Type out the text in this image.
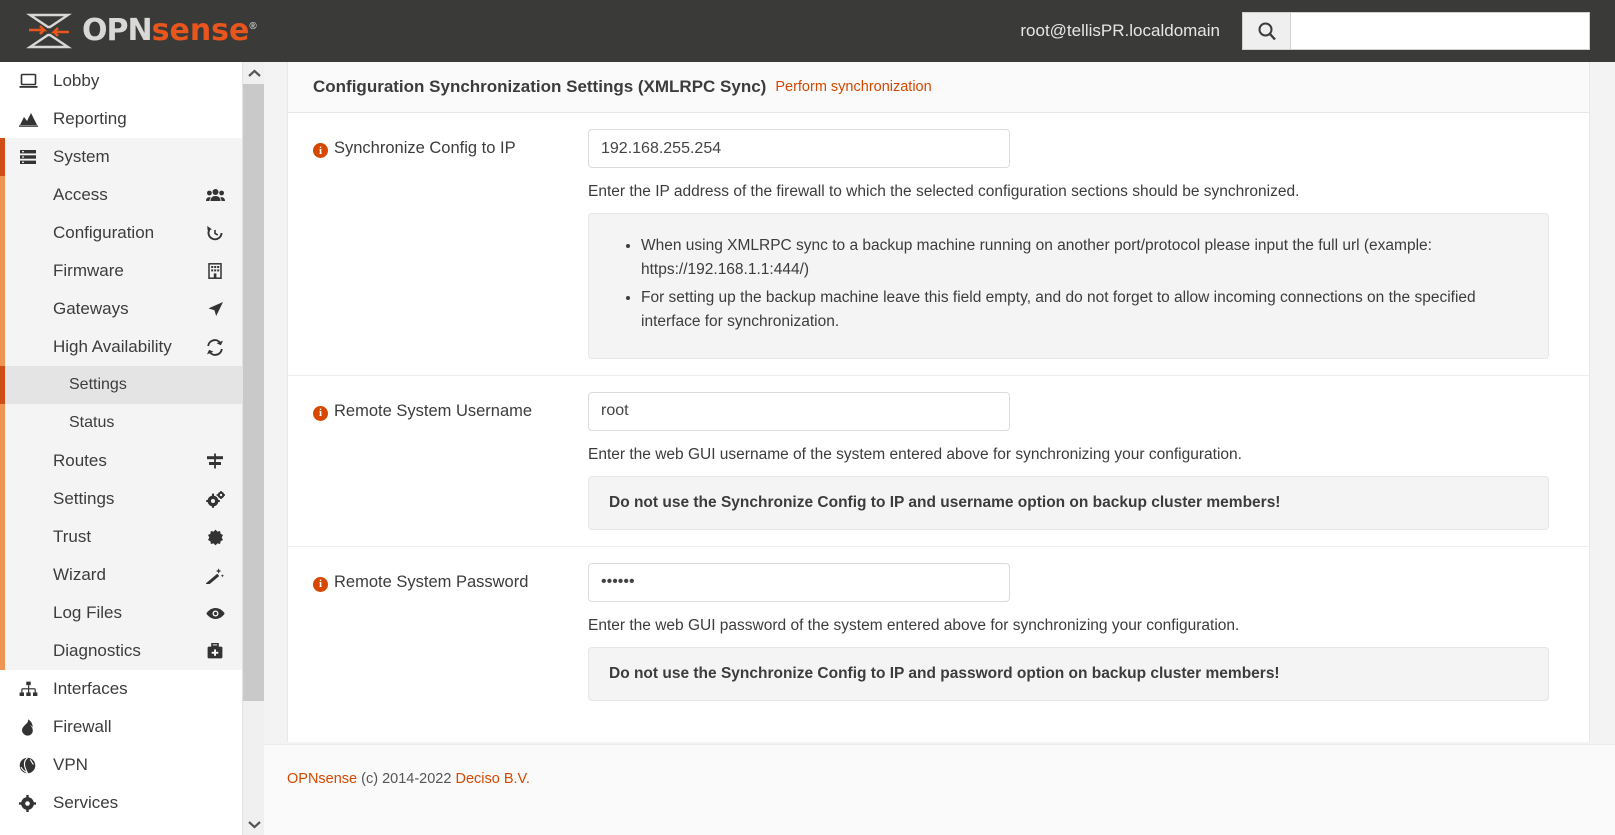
OPNsense®	root@tellisPR.localdomain
Lobby
Reporting
System
Access
Configuration
Firmware
Gateways
High Availability
Settings
Status
Routes
Settings
Trust
Wizard
Log Files
Diagnostics
Interfaces
Firewall
VPN
Services
Configuration Synchronization Settings (XMLRPC Sync) Perform synchronization
i Synchronize Config to IP
192.168.255.254
Enter the IP address of the firewall to which the selected configuration sections should be synchronized.
• When using XMLRPC sync to a backup machine running on another port/protocol please input the full url (example: https://192.168.1.1:444/)
• For setting up the backup machine leave this field empty, and do not forget to allow incoming connections on the specified interface for synchronization.
i Remote System Username
root
Enter the web GUI username of the system entered above for synchronizing your configuration.
Do not use the Synchronize Config to IP and username option on backup cluster members!
i Remote System Password
••••••
Enter the web GUI password of the system entered above for synchronizing your configuration.
Do not use the Synchronize Config to IP and password option on backup cluster members!
OPNsense (c) 2014-2022 Deciso B.V.
